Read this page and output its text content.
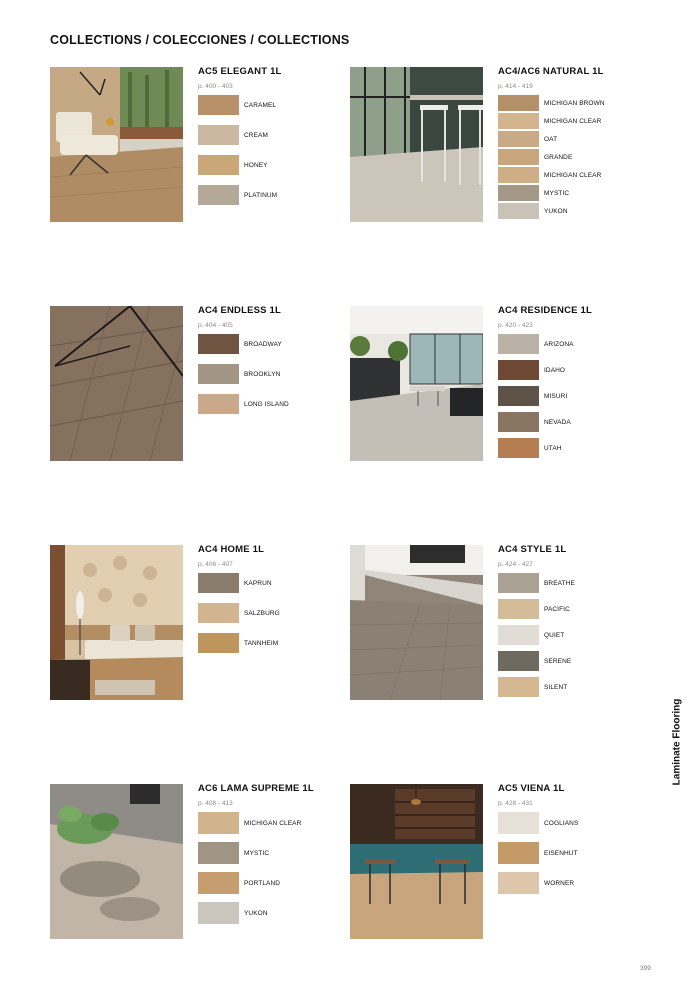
COLLECTIONS / COLECCIONES / COLLECTIONS
AC5 ELEGANT 1L
p. 400 - 403
CARAMEL
CREAM
HONEY
PLATINUM
AC4/AC6 NATURAL 1L
p. 414 - 419
MICHIGAN BROWN
MICHIGAN CLEAR
OAT
GRANDE
MICHIGAN CLEAR
MYSTIC
YUKON
AC4 ENDLESS 1L
p. 404 - 405
BROADWAY
BROOKLYN
LONG ISLAND
AC4 RESIDENCE 1L
p. 420 - 423
ARIZONA
IDAHO
MISURI
NEVADA
UTAH
AC4 HOME 1L
p. 406 - 407
KAPRUN
SALZBURG
TANNHEIM
AC4 STYLE 1L
p. 424 - 427
BREATHE
PACIFIC
QUIET
SERENE
SILENT
AC6 LAMA SUPREME 1L
p. 408 - 413
MICHIGAN CLEAR
MYSTIC
PORTLAND
YUKON
AC5 VIENA 1L
p. 428 - 431
COGLIANS
EISENHUT
WORNER
Laminate Flooring
399
